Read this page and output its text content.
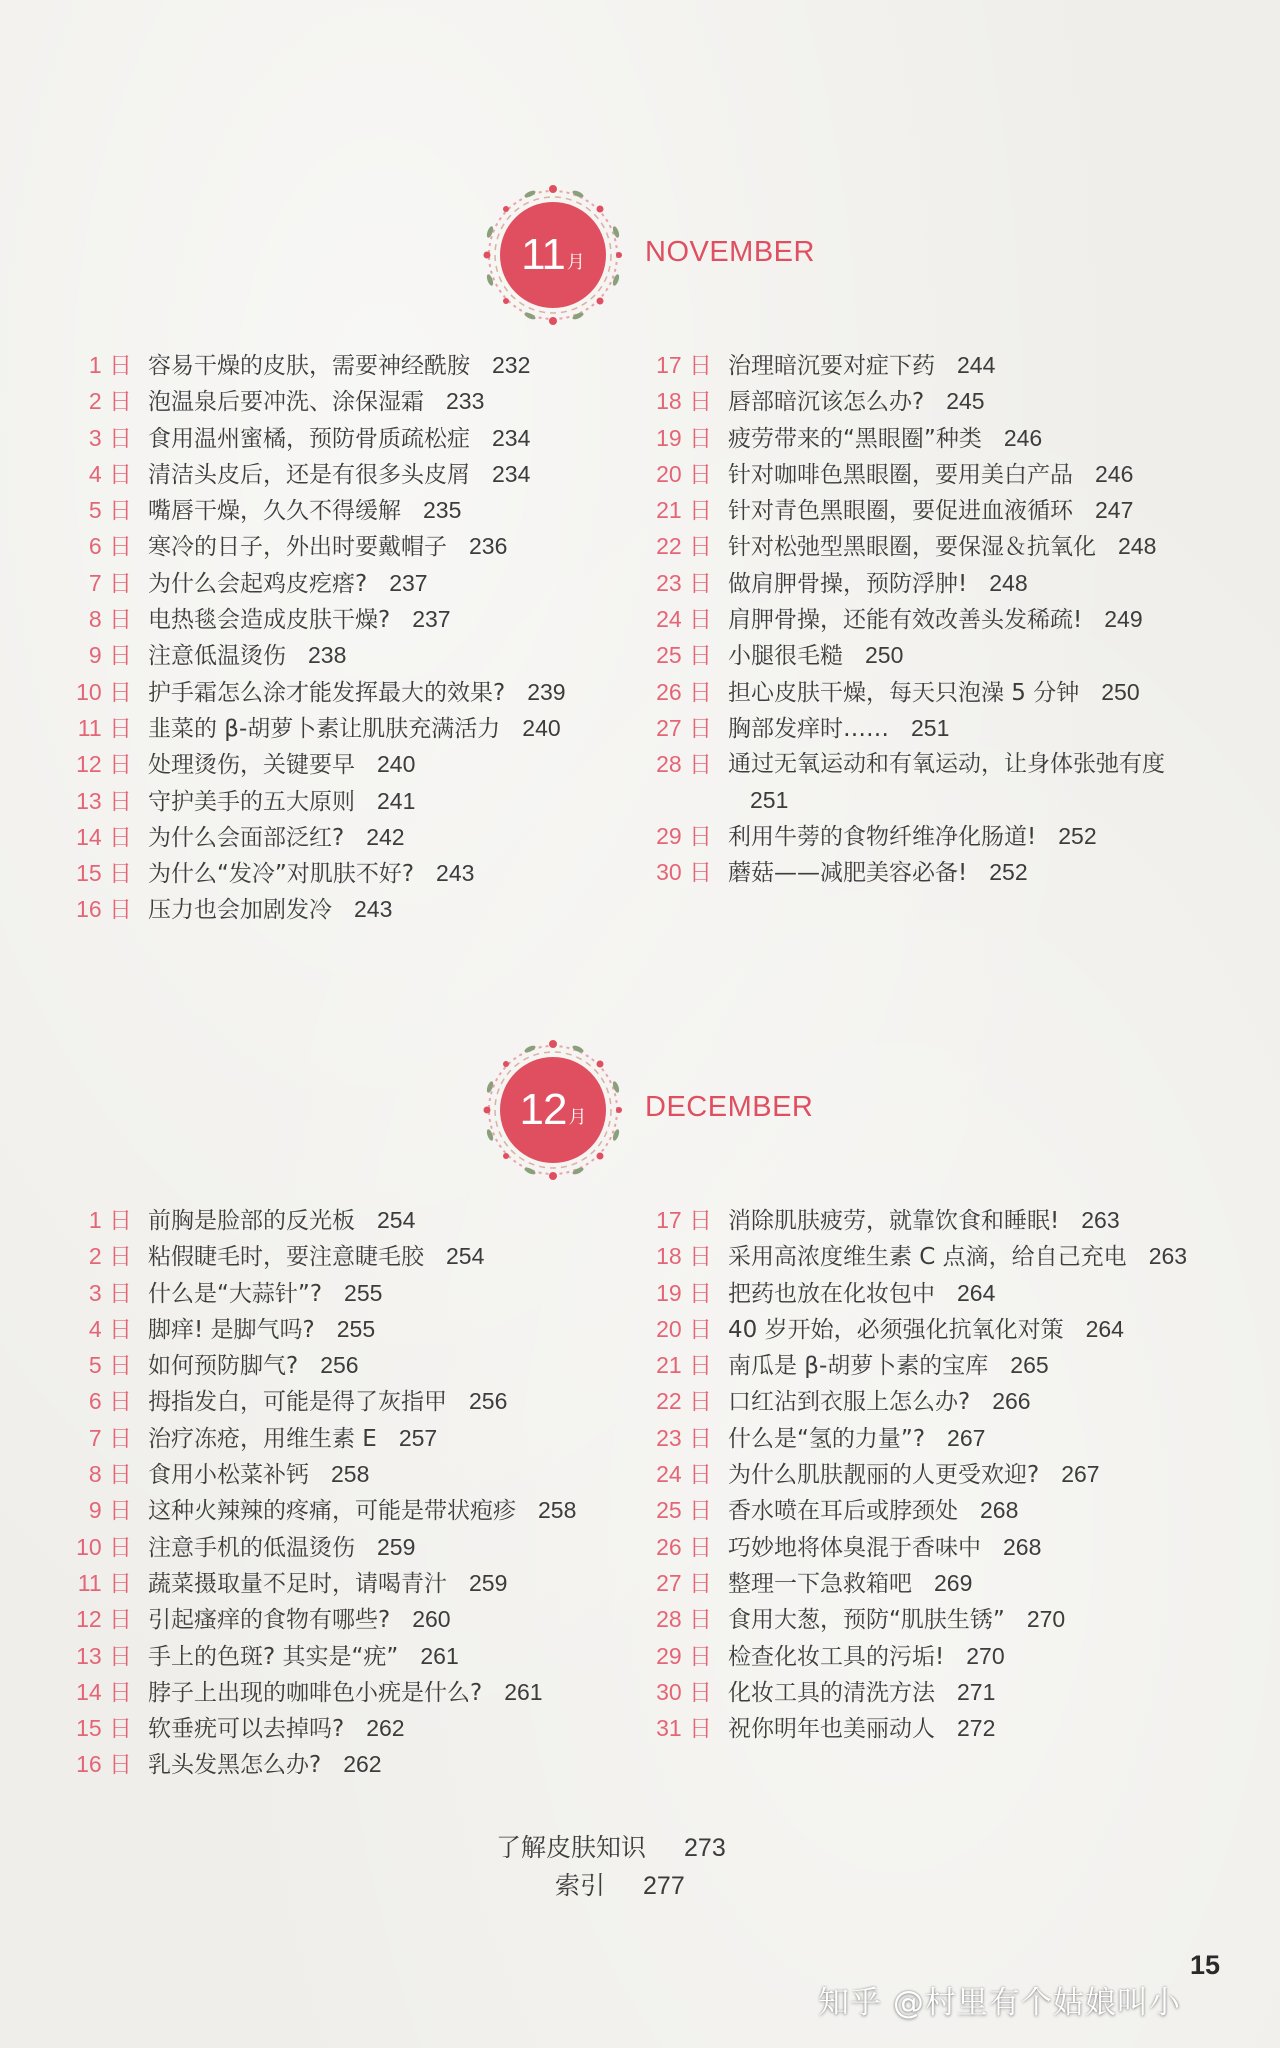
11 月 NOVEMBER
1 日 容易干燥的皮肤，需要神经酰胺 232
2 日 泡温泉后要冲洗、涂保湿霜 233
3 日 食用温州蜜橘，预防骨质疏松症 234
4 日 清洁头皮后，还是有很多头皮屑 234
5 日 嘴唇干燥，久久不得缓解 235
6 日 寒冷的日子，外出时要戴帽子 236
7 日 为什么会起鸡皮疙瘩? 237
8 日 电热毯会造成皮肤干燥? 237
9 日 注意低温烫伤 238
10 日 护手霜怎么涂才能发挥最大的效果? 239
11 日 韭菜的 β-胡萝卜素让肌肤充满活力 240
12 日 处理烫伤，关键要早 240
13 日 守护美手的五大原则 241
14 日 为什么会面部泛红? 242
15 日 为什么“发冷”对肌肤不好? 243
16 日 压力也会加剧发冷 243
17 日 治理暗沉要对症下药 244
18 日 唇部暗沉该怎么办? 245
19 日 疲劳带来的“黑眼圈”种类 246
20 日 针对咖啡色黑眼圈，要用美白产品 246
21 日 针对青色黑眼圈，要促进血液循环 247
22 日 针对松弛型黑眼圈，要保湿＆抗氧化 248
23 日 做肩胛骨操，预防浮肿! 248
24 日 肩胛骨操，还能有效改善头发稀疏! 249
25 日 小腿很毛糙 250
26 日 担心皮肤干燥，每天只泡澡 5 分钟 250
27 日 胸部发痒时…… 251
28 日 通过无氧运动和有氧运动，让身体张弛有度251
29 日 利用牛蒡的食物纤维净化肠道! 252
30 日 蘑菇——减肥美容必备! 252
12 月 DECEMBER
1 日 前胸是脸部的反光板 254
2 日 粘假睫毛时，要注意睫毛胶 254
3 日 什么是“大蒜针”? 255
4 日 脚痒! 是脚气吗? 255
5 日 如何预防脚气? 256
6 日 拇指发白，可能是得了灰指甲 256
7 日 治疗冻疮，用维生素 E 257
8 日 食用小松菜补钙 258
9 日 这种火辣辣的疼痛，可能是带状疱疹 258
10 日 注意手机的低温烫伤 259
11 日 蔬菜摄取量不足时，请喝青汁 259
12 日 引起瘙痒的食物有哪些? 260
13 日 手上的色斑? 其实是“疣” 261
14 日 脖子上出现的咖啡色小疣是什么? 261
15 日 软垂疣可以去掉吗? 262
16 日 乳头发黑怎么办? 262
17 日 消除肌肤疲劳，就靠饮食和睡眠! 263
18 日 采用高浓度维生素 C 点滴，给自己充电 263
19 日 把药也放在化妆包中 264
20 日 40 岁开始，必须强化抗氧化对策 264
21 日 南瓜是 β-胡萝卜素的宝库 265
22 日 口红沾到衣服上怎么办? 266
23 日 什么是“氢的力量”? 267
24 日 为什么肌肤靓丽的人更受欢迎? 267
25 日 香水喷在耳后或脖颈处 268
26 日 巧妙地将体臭混于香味中 268
27 日 整理一下急救箱吧 269
28 日 食用大葱，预防“肌肤生锈” 270
29 日 检查化妆工具的污垢! 270
30 日 化妆工具的清洗方法 271
31 日 祝你明年也美丽动人 272
了解皮肤知识 273
索引 277
15
知乎 @村里有个姑娘叫小
